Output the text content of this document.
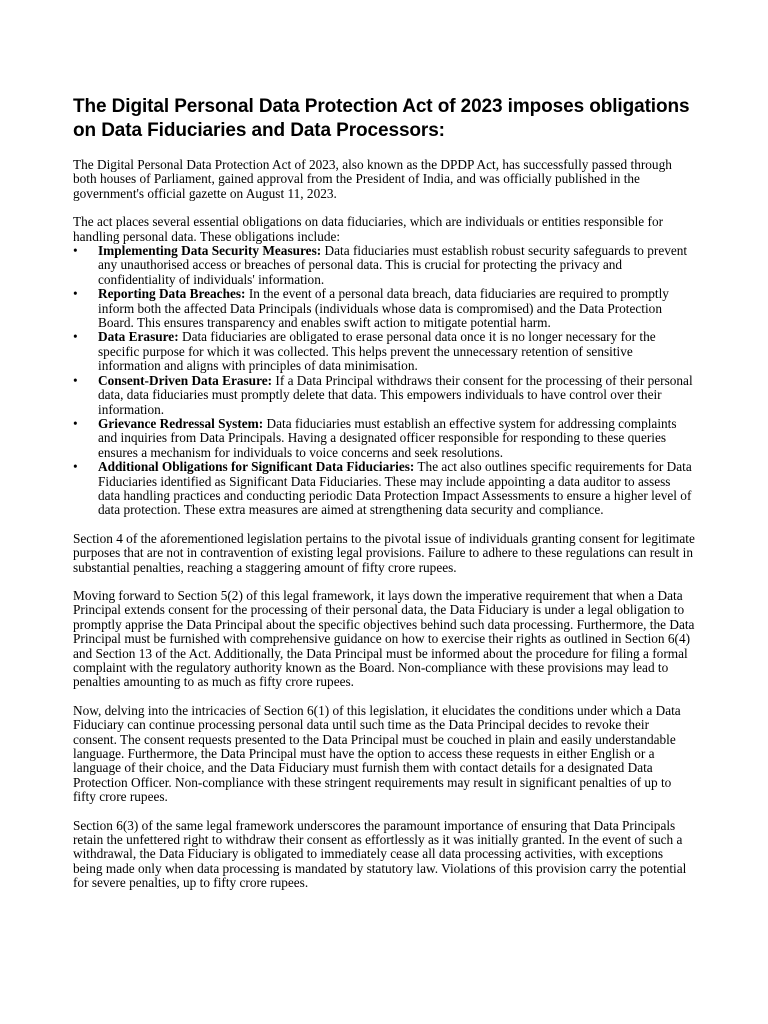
The Digital Personal Data Protection Act of 2023 imposes obligations on Data Fiduciaries and Data Processors:

The Digital Personal Data Protection Act of 2023, also known as the DPDP Act, has successfully passed through both houses of Parliament, gained approval from the President of India, and was officially published in the government's official gazette on August 11, 2023.

The act places several essential obligations on data fiduciaries, which are individuals or entities responsible for handling personal data. These obligations include:

• Implementing Data Security Measures: Data fiduciaries must establish robust security safeguards to prevent any unauthorised access or breaches of personal data. This is crucial for protecting the privacy and confidentiality of individuals' information.
• Reporting Data Breaches: In the event of a personal data breach, data fiduciaries are required to promptly inform both the affected Data Principals (individuals whose data is compromised) and the Data Protection Board. This ensures transparency and enables swift action to mitigate potential harm.
• Data Erasure: Data fiduciaries are obligated to erase personal data once it is no longer necessary for the specific purpose for which it was collected. This helps prevent the unnecessary retention of sensitive information and aligns with principles of data minimisation.
• Consent-Driven Data Erasure: If a Data Principal withdraws their consent for the processing of their personal data, data fiduciaries must promptly delete that data. This empowers individuals to have control over their information.
• Grievance Redressal System: Data fiduciaries must establish an effective system for addressing complaints and inquiries from Data Principals. Having a designated officer responsible for responding to these queries ensures a mechanism for individuals to voice concerns and seek resolutions.
• Additional Obligations for Significant Data Fiduciaries: The act also outlines specific requirements for Data Fiduciaries identified as Significant Data Fiduciaries. These may include appointing a data auditor to assess data handling practices and conducting periodic Data Protection Impact Assessments to ensure a higher level of data protection. These extra measures are aimed at strengthening data security and compliance.

Section 4 of the aforementioned legislation pertains to the pivotal issue of individuals granting consent for legitimate purposes that are not in contravention of existing legal provisions. Failure to adhere to these regulations can result in substantial penalties, reaching a staggering amount of fifty crore rupees.

Moving forward to Section 5(2) of this legal framework, it lays down the imperative requirement that when a Data Principal extends consent for the processing of their personal data, the Data Fiduciary is under a legal obligation to promptly apprise the Data Principal about the specific objectives behind such data processing. Furthermore, the Data Principal must be furnished with comprehensive guidance on how to exercise their rights as outlined in Section 6(4) and Section 13 of the Act. Additionally, the Data Principal must be informed about the procedure for filing a formal complaint with the regulatory authority known as the Board. Non-compliance with these provisions may lead to penalties amounting to as much as fifty crore rupees.

Now, delving into the intricacies of Section 6(1) of this legislation, it elucidates the conditions under which a Data Fiduciary can continue processing personal data until such time as the Data Principal decides to revoke their consent. The consent requests presented to the Data Principal must be couched in plain and easily understandable language. Furthermore, the Data Principal must have the option to access these requests in either English or a language of their choice, and the Data Fiduciary must furnish them with contact details for a designated Data Protection Officer. Non-compliance with these stringent requirements may result in significant penalties of up to fifty crore rupees.

Section 6(3) of the same legal framework underscores the paramount importance of ensuring that Data Principals retain the unfettered right to withdraw their consent as effortlessly as it was initially granted. In the event of such a withdrawal, the Data Fiduciary is obligated to immediately cease all data processing activities, with exceptions being made only when data processing is mandated by statutory law. Violations of this provision carry the potential for severe penalties, up to fifty crore rupees.
